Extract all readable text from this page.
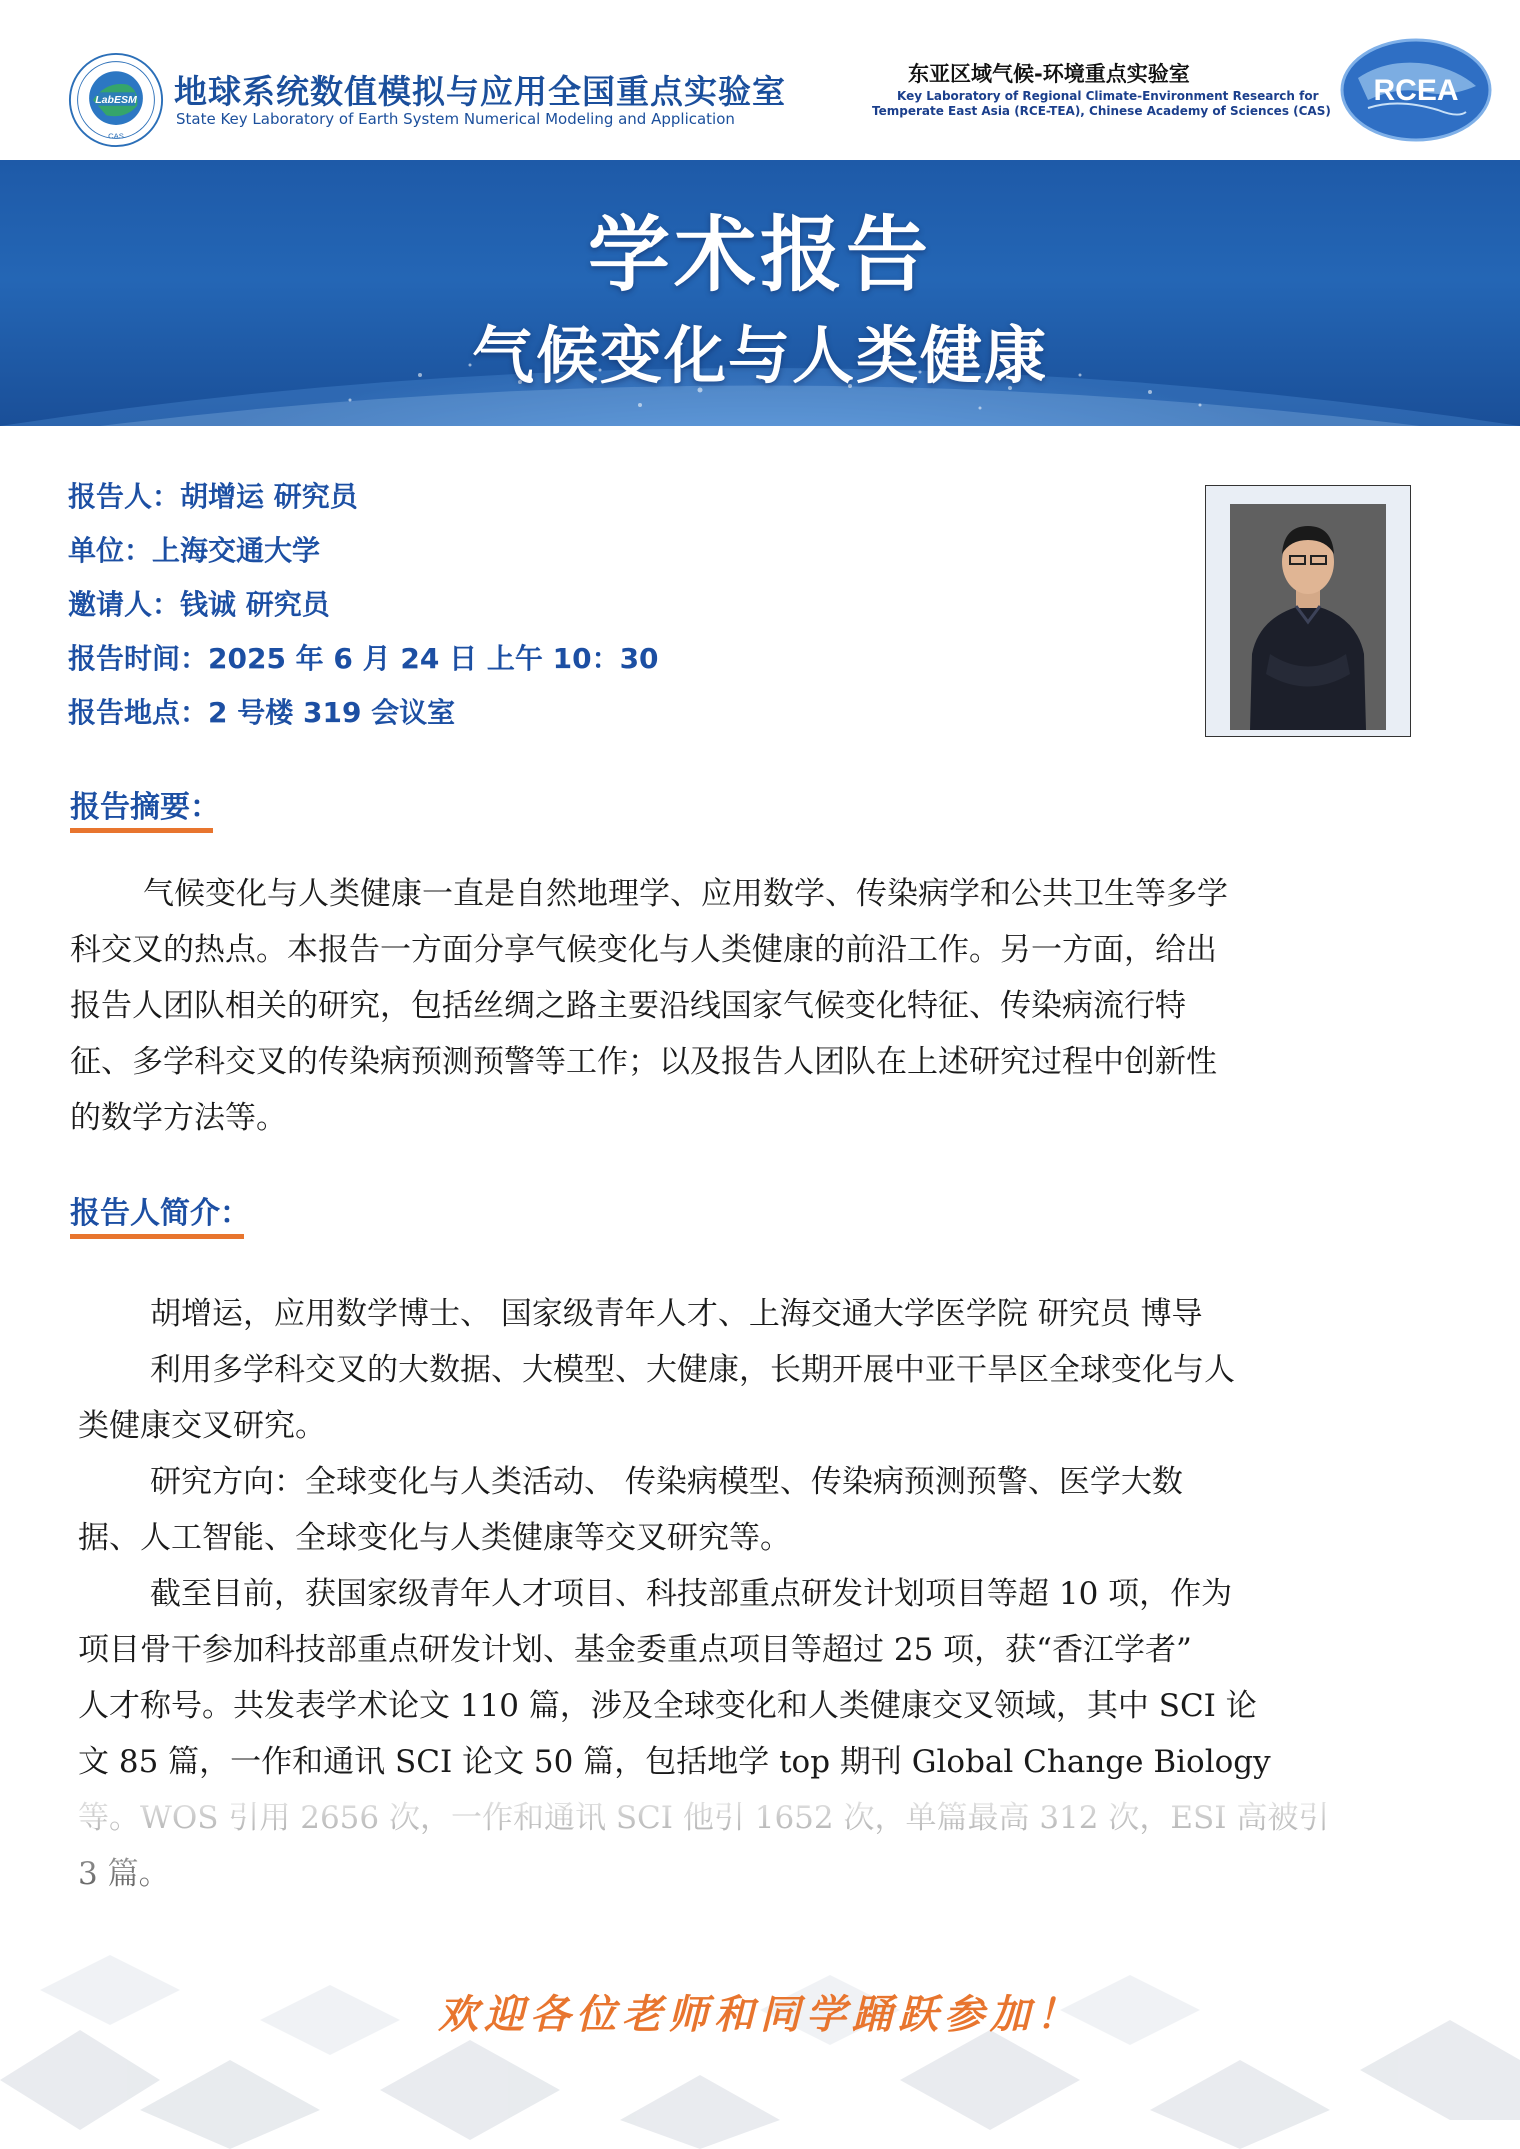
LabESM
CAS
地球系统数值模拟与应用全国重点实验室
State Key Laboratory of Earth System Numerical Modeling and Application
东亚区域气候-环境重点实验室
Key Laboratory of Regional Climate-Environment Research for
Temperate East Asia (RCE-TEA), Chinese Academy of Sciences (CAS)
RCEA
学术报告
气候变化与人类健康
报告人：胡增运 研究员
单位：上海交通大学
邀请人：钱诚 研究员
报告时间：2025 年 6 月 24 日 上午 10：30
报告地点：2 号楼 319 会议室
报告摘要：
气候变化与人类健康一直是自然地理学、应用数学、传染病学和公共卫生等多学
科交叉的热点。本报告一方面分享气候变化与人类健康的前沿工作。另一方面，给出
报告人团队相关的研究，包括丝绸之路主要沿线国家气候变化特征、传染病流行特
征、多学科交叉的传染病预测预警等工作；以及报告人团队在上述研究过程中创新性
的数学方法等。
报告人简介：
胡增运，应用数学博士、 国家级青年人才、上海交通大学医学院 研究员 博导
利用多学科交叉的大数据、大模型、大健康，长期开展中亚干旱区全球变化与人
类健康交叉研究。
研究方向：全球变化与人类活动、 传染病模型、传染病预测预警、医学大数
据、人工智能、全球变化与人类健康等交叉研究等。
截至目前，获国家级青年人才项目、科技部重点研发计划项目等超 10 项，作为
项目骨干参加科技部重点研发计划、基金委重点项目等超过 25 项，获“香江学者”
人才称号。共发表学术论文 110 篇，涉及全球变化和人类健康交叉领域，其中 SCI 论
文 85 篇，一作和通讯 SCI 论文 50 篇，包括地学 top 期刊 Global Change Biology
欢迎各位老师和同学踊跃参加！
